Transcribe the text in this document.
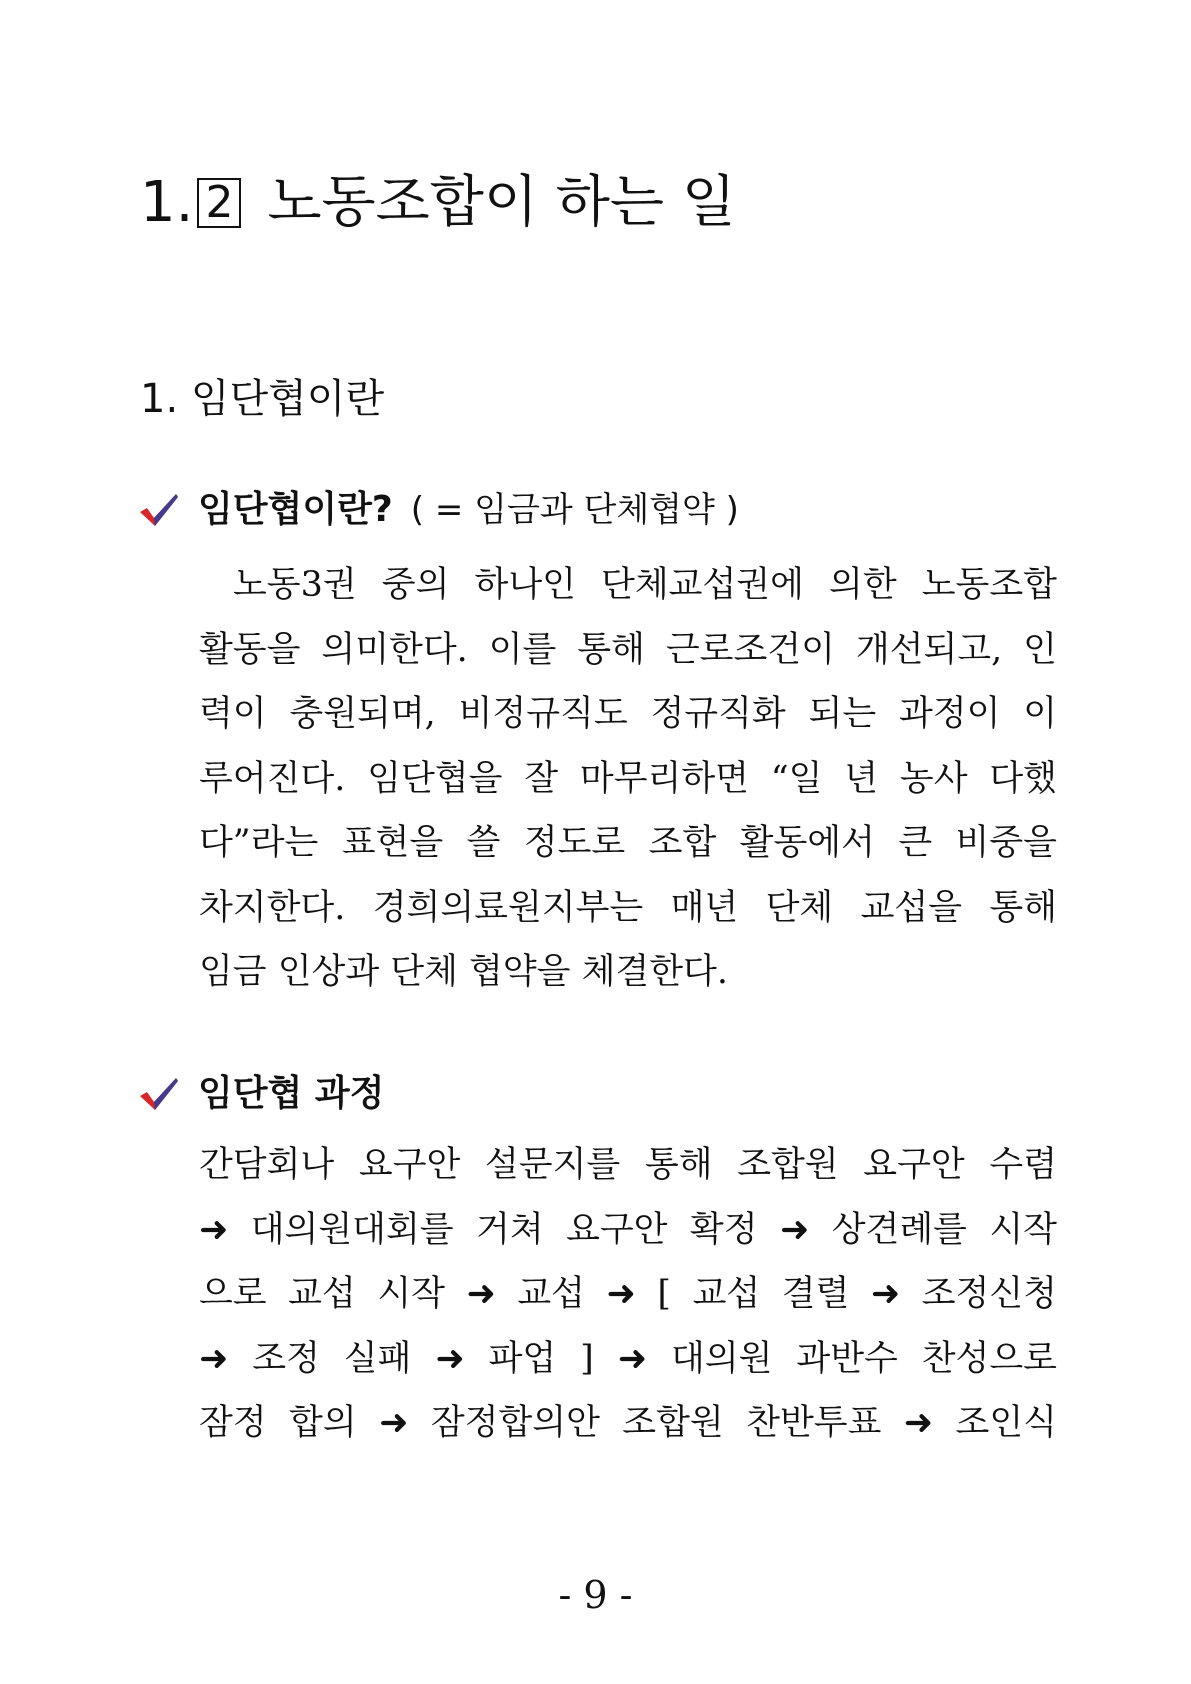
1. 2 노동조합이 하는 일
1. 임단협이란
임단협이란? ( = 임금과 단체협약 )
노동3권 중의 하나인 단체교섭권에 의한 노동조합
활동을 의미한다. 이를 통해 근로조건이 개선되고, 인
력이 충원되며, 비정규직도 정규직화 되는 과정이 이
루어진다. 임단협을 잘 마무리하면 “일 년 농사 다했
다”라는 표현을 쓸 정도로 조합 활동에서 큰 비중을
차지한다. 경희의료원지부는 매년 단체 교섭을 통해
임금 인상과 단체 협약을 체결한다.
임단협 과정
간담회나 요구안 설문지를 통해 조합원 요구안 수렴
➜ 대의원대회를 거쳐 요구안 확정 ➜ 상견례를 시작
으로 교섭 시작 ➜ 교섭 ➜ [ 교섭 결렬 ➜ 조정신청
➜ 조정 실패 ➜ 파업 ] ➜ 대의원 과반수 찬성으로
잠정 합의 ➜ 잠정합의안 조합원 찬반투표 ➜ 조인식
- 9 -
